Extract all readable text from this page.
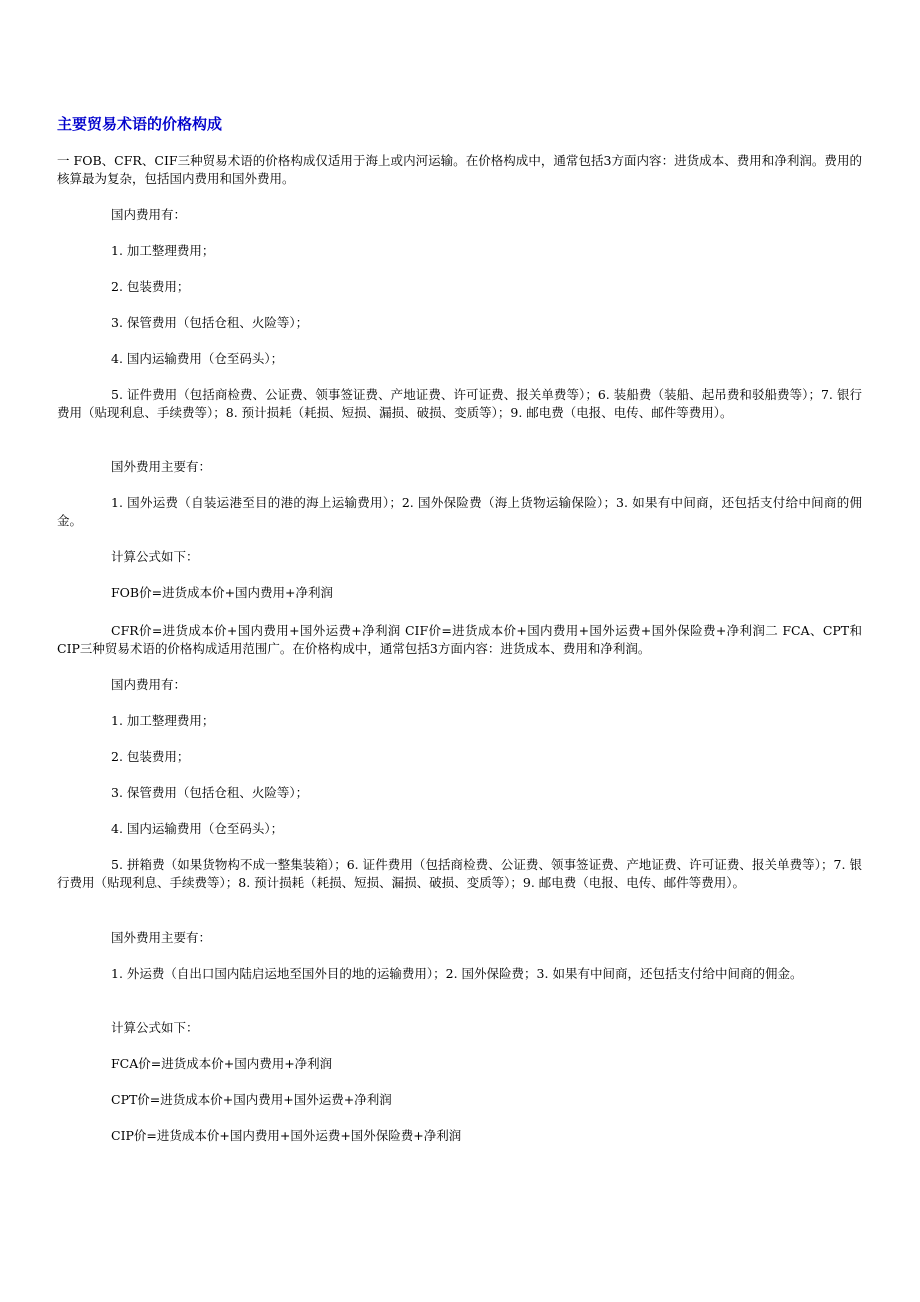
主要贸易术语的价格构成

一 FOB、CFR、CIF三种贸易术语的价格构成仅适用于海上或内河运输。在价格构成中，通常包括3方面内容：进货成本、费用和净利润。费用的核算最为复杂，包括国内费用和国外费用。

国内费用有：

1. 加工整理费用；

2. 包装费用；

3. 保管费用（包括仓租、火险等）；

4. 国内运输费用（仓至码头）；

5. 证件费用（包括商检费、公证费、领事签证费、产地证费、许可证费、报关单费等）；6. 装船费（装船、起吊费和驳船费等）；7. 银行费用（贴现利息、手续费等）；8. 预计损耗（耗损、短损、漏损、破损、变质等）；9. 邮电费（电报、电传、邮件等费用）。

国外费用主要有：

1. 国外运费（自装运港至目的港的海上运输费用）；2. 国外保险费（海上货物运输保险）；3. 如果有中间商，还包括支付给中间商的佣金。

计算公式如下：

FOB价=进货成本价+国内费用+净利润

CFR价=进货成本价+国内费用+国外运费+净利润 CIF价=进货成本价+国内费用+国外运费+国外保险费+净利润二 FCA、CPT和CIP三种贸易术语的价格构成适用范围广。在价格构成中，通常包括3方面内容：进货成本、费用和净利润。

国内费用有：

1. 加工整理费用；

2. 包装费用；

3. 保管费用（包括仓租、火险等）；

4. 国内运输费用（仓至码头）；

5. 拼箱费（如果货物构不成一整集装箱）；6. 证件费用（包括商检费、公证费、领事签证费、产地证费、许可证费、报关单费等）；7. 银行费用（贴现利息、手续费等）；8. 预计损耗（耗损、短损、漏损、破损、变质等）；9. 邮电费（电报、电传、邮件等费用）。

国外费用主要有：

1. 外运费（自出口国内陆启运地至国外目的地的运输费用）；2. 国外保险费；3. 如果有中间商，还包括支付给中间商的佣金。

计算公式如下：

FCA价=进货成本价+国内费用+净利润

CPT价=进货成本价+国内费用+国外运费+净利润

CIP价=进货成本价+国内费用+国外运费+国外保险费+净利润
